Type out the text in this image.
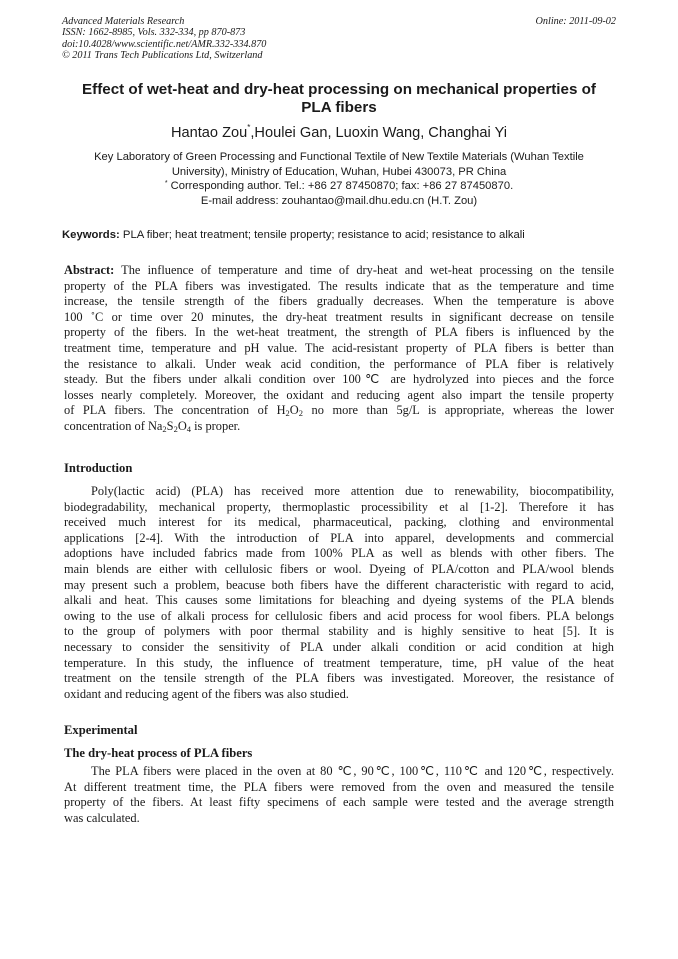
Advanced Materials Research
ISSN: 1662-8985, Vols. 332-334, pp 870-873
doi:10.4028/www.scientific.net/AMR.332-334.870
© 2011 Trans Tech Publications Ltd, Switzerland
Online: 2011-09-02
Effect of wet-heat and dry-heat processing on mechanical properties of
PLA fibers
Hantao Zou*,Houlei Gan, Luoxin Wang, Changhai Yi
Key Laboratory of Green Processing and Functional Textile of New Textile Materials (Wuhan Textile
University), Ministry of Education, Wuhan, Hubei 430073, PR China
* Corresponding author. Tel.: +86 27 87450870; fax: +86 27 87450870.
E-mail address: zouhantao@mail.dhu.edu.cn (H.T. Zou)
Keywords: PLA fiber; heat treatment; tensile property; resistance to acid; resistance to alkali
Abstract: The influence of temperature and time of dry-heat and wet-heat processing on the tensile
property of the PLA fibers was investigated. The results indicate that as the temperature and time
increase, the tensile strength of the fibers gradually decreases. When the temperature is above
100 ˚C or time over 20 minutes, the dry-heat treatment results in significant decrease on tensile
property of the fibers. In the wet-heat treatment, the strength of PLA fibers is influenced by the
treatment time, temperature and pH value. The acid-resistant property of PLA fibers is better than
the resistance to alkali. Under weak acid condition, the performance of PLA fiber is relatively
steady. But the fibers under alkali condition over 100℃ are hydrolyzed into pieces and the force
losses nearly completely. Moreover, the oxidant and reducing agent also impart the tensile property
of PLA fibers. The concentration of $H_2O_2$ no more than 5g/L is appropriate, whereas the lower
concentration of $Na_2S_2O_4$ is proper.
Introduction
Poly(lactic acid) (PLA) has received more attention due to renewability, biocompatibility,
biodegradability, mechanical property, thermoplastic processibility et al [1-2]. Therefore it has
received much interest for its medical, pharmaceutical, packing, clothing and environmental
applications [2-4]. With the introduction of PLA into apparel, developments and commercial
adoptions have included fabrics made from 100% PLA as well as blends with other fibers. The
main blends are either with cellulosic fibers or wool. Dyeing of PLA/cotton and PLA/wool blends
may present such a problem, beacuse both fibers have the different characteristic with regard to acid,
alkali and heat. This causes some limitations for bleaching and dyeing systems of the PLA blends
owing to the use of alkali process for cellulosic fibers and acid process for wool fibers. PLA belongs
to the group of polymers with poor thermal stability and is highly sensitive to heat [5]. It is
necessary to consider the sensitivity of PLA under alkali condition or acid condition at high
temperature. In this study, the influence of treatment temperature, time, pH value of the heat
treatment on the tensile strength of the PLA fibers was investigated. Moreover, the resistance of
oxidant and reducing agent of the fibers was also studied.
Experimental
The dry-heat process of PLA fibers
The PLA fibers were placed in the oven at 80 ℃, 90℃, 100℃, 110℃ and 120℃, respectively.
At different treatment time, the PLA fibers were removed from the oven and measured the tensile
property of the fibers. At least fifty specimens of each sample were tested and the average strength
was calculated.
